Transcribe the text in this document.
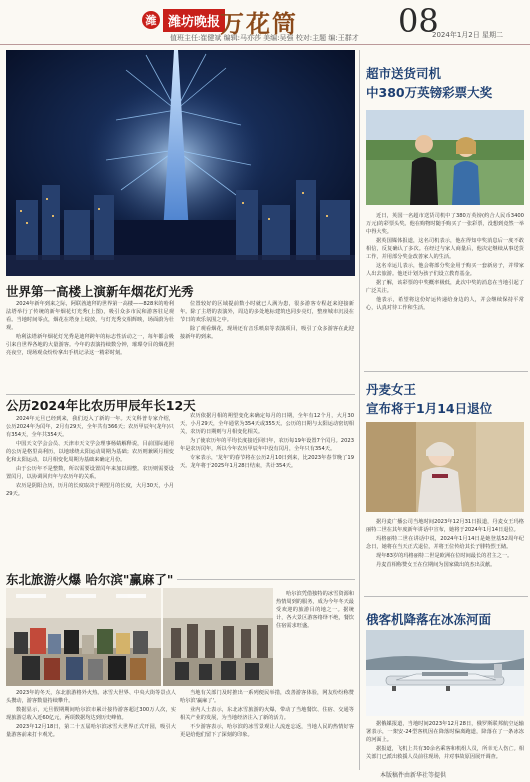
潍 潍坊晚报 万花筒
值班主任:崔健斌 编辑:马亦莎 美编:吴强 校对:主题 编:王群才 08
2024年1月2日 星期二
世界第一高楼上演新年烟花灯光秀

2024年新年到来之际，阿联酋迪拜的世界第一高楼——828米的哈利法塔举行了传统的新年烟花灯光秀(上图)，吸引众多市民和游客驻足观看。当地时间零点，烟花在塔身上绽放，与灯光秀交相辉映，场面蔚为壮观。

哈利法塔新年烟花灯光秀是迪拜跨年的标志性活动之一，每年都会吸引来自世界各地的大量游客。今年的表演持续数分钟，璀璨夺目的烟花照亮夜空，现场观众纷纷拿出手机记录这一精彩时刻。

位置较好的区域提前数小时就已人满为患，很多游客专程赶来迎接新年。除了主塔的表演外，周边的多处地标建筑也同步亮灯，整座城市沉浸在节日的欢乐氛围之中。

除了观看烟花，现场还有音乐喷泉等表演项目，吸引了众多游客在此迎接新年的到来。

公历2024年比农历甲辰年长12天

2024年元旦已经到来，我们迈入了新的一年。天文科普专家介绍，公历2024年为闰年，2月有29天，全年共有366天；农历甲辰年(龙年)只有354天，全年共354天。

中国天文学会会员、天津市天文学会理事杨婧解释说，目前国际通用的公历是格里高利历，以地球绕太阳运动周期为基础；农历则兼顾月相变化和太阳运动，以月相变化周期为基础来确定月份。

由于公历年不是整数，所以需要设置闰年来加以调整。农历则需要设置闰月，以协调回归年与农历年的关系。

农历是阴阳合历，历月的长度取决于朔望月的长度，大月30天，小月29天。

农历依据月相的朔望变化来确定每月的日期，全年有12个月，大月30天，小月29天，全年通常为354天或355天。公历的日期与太阳运动密切相关，农历的日期则与月相变化相关。

为了使农历年的平均长度接近回归年，农历每19年设置7个闰月。2023年是农历闰年，所以今年农历甲辰年中没有闰月，全年只有354天。

专家表示，'龙年'的春节将在公历2月10日到来，比2023年春节晚了19天。龙年将于2025年1月28日结束，共计354天。

东北旅游火爆 哈尔滨"赢麻了"

2023年的冬天，东北旅游格外火热。冰雪大世界、中央大街等景点人头攒动，游客数量持续攀升。

数据显示，元旦假期期间哈尔滨市累计接待游客超过300万人次，实现旅游总收入近60亿元，两项数据均达到历史峰值。

2023年12月18日，第二十五届哈尔滨冰雪大世界正式开园，吸引大量游客前来打卡观光。

哈尔滨凭借独特的冰雪资源和热情周到的服务，成为今年冬天最受欢迎的旅游目的地之一。据统计，各大景区游客络绎不绝，餐饮住宿需求旺盛。

当地有关部门及时推出一系列便民举措，改善游客体验，网友纷纷称赞哈尔滨'赢麻了'。

业内人士表示，东北冰雪旅游的火爆，带动了当地餐饮、住宿、交通等相关产业的发展，为当地经济注入了新的活力。

不少游客表示，哈尔滨的冰雪景观让人流连忘返，当地人民的热情好客更是给他们留下了深刻的印象。

超市送货司机
中380万英镑彩票大奖

近日，英国一名超市送货司机中了380万英镑(约合人民币3400万元)的彩票头奖。他在购物时随手购买了一张彩票，没想到竟然一举中得大奖。

据英国媒体报道，这名司机表示，他在得知中奖消息后一度不敢相信，反复确认了多次。在经过与家人商量后，他决定继续从事送货工作，并用部分奖金改善家人的生活。

这名幸运儿表示，他会将部分奖金用于购买一套新房子，并带家人出去旅游。他还计划为孩子们设立教育基金。

据了解，该彩票的中奖概率极低，此次中奖的消息在当地引起了广泛关注。

他表示，希望将这份好运传递给身边的人，并会继续保持平常心，认真对待工作和生活。

丹麦女王
宣布将于1月14日退位

据丹麦广播公司当地时间2023年12月31日报道，丹麦女王玛格丽特二世在其年度新年讲话中宣布，她将于2024年1月14日退位。

玛格丽特二世在讲话中说，2024年1月14日是她登基52周年纪念日，她将在当天正式退位，并将王位传给其长子腓特烈王储。

现年83岁的玛格丽特二世是欧洲在位时间最长的君主之一。

丹麦首相称赞女王在位期间为国家做出的杰出贡献。

俄客机降落在冰冻河面

据俄媒报道，当地时间2023年12月28日，俄罗斯联邦航空运输署表示，一架安-24型客机因在降落时偏离跑道，降落在了一条冰冻的河面上。

据报道，飞机上共有30余名乘客和机组人员，所幸无人伤亡。相关部门已派出救援人员前往现场，并对事故原因展开调查。

本版稿件由新华社等提供
